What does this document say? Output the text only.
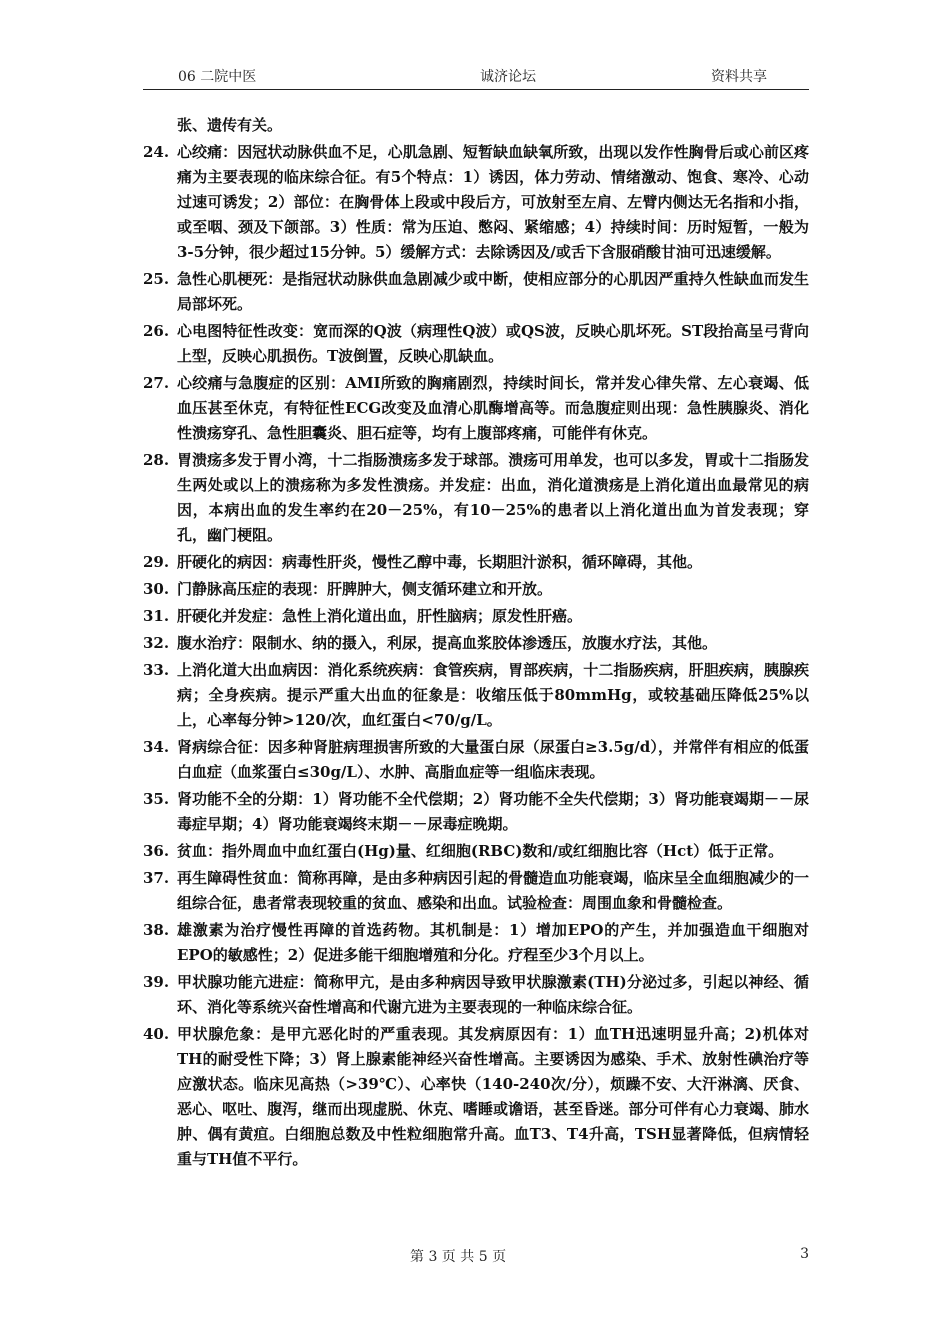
06 二院中医	诚济论坛	资料共享
张、遗传有关。
24. 心绞痛：因冠状动脉供血不足，心肌急剧、短暂缺血缺氧所致，出现以发作性胸骨后或心前区疼痛为主要表现的临床综合征。有5个特点：1）诱因，体力劳动、情绪激动、饱食、寒冷、心动过速可诱发；2）部位：在胸骨体上段或中段后方，可放射至左肩、左臂内侧达无名指和小指，或至咽、颈及下颌部。3）性质：常为压迫、憋闷、紧缩感；4）持续时间：历时短暂，一般为3-5分钟，很少超过15分钟。5）缓解方式：去除诱因及/或舌下含服硝酸甘油可迅速缓解。
25. 急性心肌梗死：是指冠状动脉供血急剧减少或中断，使相应部分的心肌因严重持久性缺血而发生局部坏死。
26. 心电图特征性改变：宽而深的Q波（病理性Q波）或QS波，反映心肌坏死。ST段抬高呈弓背向上型，反映心肌损伤。T波倒置，反映心肌缺血。
27. 心绞痛与急腹症的区别：AMI所致的胸痛剧烈，持续时间长，常并发心律失常、左心衰竭、低血压甚至休克，有特征性ECG改变及血清心肌酶增高等。而急腹症则出现：急性胰腺炎、消化性溃疡穿孔、急性胆囊炎、胆石症等，均有上腹部疼痛，可能伴有休克。
28. 胃溃疡多发于胃小湾，十二指肠溃疡多发于球部。溃疡可用单发，也可以多发，胃或十二指肠发生两处或以上的溃疡称为多发性溃疡。并发症：出血，消化道溃疡是上消化道出血最常见的病因，本病出血的发生率约在20－25%，有10－25%的患者以上消化道出血为首发表现；穿孔，幽门梗阻。
29. 肝硬化的病因：病毒性肝炎，慢性乙醇中毒，长期胆汁淤积，循环障碍，其他。
30. 门静脉高压症的表现：肝脾肿大，侧支循环建立和开放。
31. 肝硬化并发症：急性上消化道出血，肝性脑病；原发性肝癌。
32. 腹水治疗：限制水、纳的摄入，利尿，提高血浆胶体渗透压，放腹水疗法，其他。
33. 上消化道大出血病因：消化系统疾病：食管疾病，胃部疾病，十二指肠疾病，肝胆疾病，胰腺疾病；全身疾病。提示严重大出血的征象是：收缩压低于80mmHg，或较基础压降低25%以上，心率每分钟>120/次，血红蛋白<70/g/L。
34. 肾病综合征：因多种肾脏病理损害所致的大量蛋白尿（尿蛋白≥3.5g/d），并常伴有相应的低蛋白血症（血浆蛋白≤30g/L）、水肿、高脂血症等一组临床表现。
35. 肾功能不全的分期：1）肾功能不全代偿期；2）肾功能不全失代偿期；3）肾功能衰竭期－－尿毒症早期；4）肾功能衰竭终末期－－尿毒症晚期。
36. 贫血：指外周血中血红蛋白(Hg)量、红细胞(RBC)数和/或红细胞比容（Hct）低于正常。
37. 再生障碍性贫血：简称再障，是由多种病因引起的骨髓造血功能衰竭，临床呈全血细胞减少的一组综合征，患者常表现较重的贫血、感染和出血。试验检查：周围血象和骨髓检查。
38. 雄激素为治疗慢性再障的首选药物。其机制是：1）增加EPO的产生，并加强造血干细胞对EPO的敏感性；2）促进多能干细胞增殖和分化。疗程至少3个月以上。
39. 甲状腺功能亢进症：简称甲亢，是由多种病因导致甲状腺激素(TH)分泌过多，引起以神经、循环、消化等系统兴奋性增高和代谢亢进为主要表现的一种临床综合征。
40. 甲状腺危象：是甲亢恶化时的严重表现。其发病原因有：1）血TH迅速明显升高；2)机体对TH的耐受性下降；3）肾上腺素能神经兴奋性增高。主要诱因为感染、手术、放射性碘治疗等应激状态。临床见高热（>39℃）、心率快（140-240次/分），烦躁不安、大汗淋漓、厌食、恶心、呕吐、腹泻，继而出现虚脱、休克、嗜睡或谵语，甚至昏迷。部分可伴有心力衰竭、肺水肿、偶有黄疸。白细胞总数及中性粒细胞常升高。血T3、T4升高，TSH显著降低，但病情轻重与TH值不平行。
第 3 页 共 5 页	3
